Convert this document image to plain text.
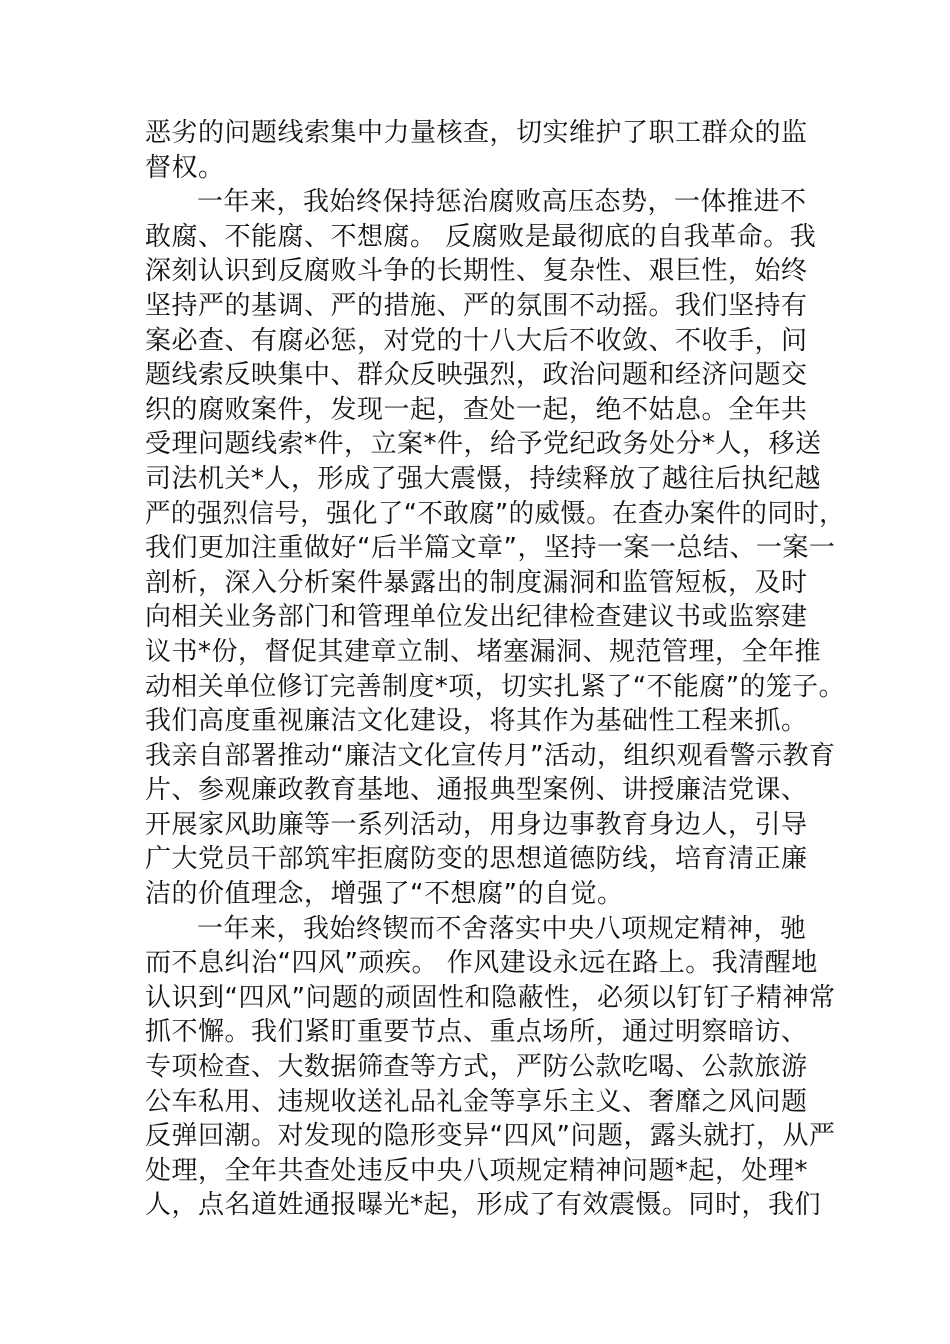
恶劣的问题线索集中力量核查，切实维护了职工群众的监
督权。
一年来，我始终保持惩治腐败高压态势，一体推进不
敢腐、不能腐、不想腐。 反腐败是最彻底的自我革命。我
深刻认识到反腐败斗争的长期性、复杂性、艰巨性，始终
坚持严的基调、严的措施、严的氛围不动摇。我们坚持有
案必查、有腐必惩，对党的十八大后不收敛、不收手，问
题线索反映集中、群众反映强烈，政治问题和经济问题交
织的腐败案件，发现一起，查处一起，绝不姑息。全年共
受理问题线索*件，立案*件，给予党纪政务处分*人，移送
司法机关*人，形成了强大震慑，持续释放了越往后执纪越
严的强烈信号，强化了“不敢腐”的威慑。在查办案件的同时，
我们更加注重做好“后半篇文章”，坚持一案一总结、一案一
剖析，深入分析案件暴露出的制度漏洞和监管短板，及时
向相关业务部门和管理单位发出纪律检查建议书或监察建
议书*份，督促其建章立制、堵塞漏洞、规范管理，全年推
动相关单位修订完善制度*项，切实扎紧了“不能腐”的笼子。
我们高度重视廉洁文化建设，将其作为基础性工程来抓。
我亲自部署推动“廉洁文化宣传月”活动，组织观看警示教育
片、参观廉政教育基地、通报典型案例、讲授廉洁党课、
开展家风助廉等一系列活动，用身边事教育身边人，引导
广大党员干部筑牢拒腐防变的思想道德防线，培育清正廉
洁的价值理念，增强了“不想腐”的自觉。
一年来，我始终锲而不舍落实中央八项规定精神，驰
而不息纠治“四风”顽疾。 作风建设永远在路上。我清醒地
认识到“四风”问题的顽固性和隐蔽性，必须以钉钉子精神常
抓不懈。我们紧盯重要节点、重点场所，通过明察暗访、
专项检查、大数据筛查等方式，严防公款吃喝、公款旅游
公车私用、违规收送礼品礼金等享乐主义、奢靡之风问题
反弹回潮。对发现的隐形变异“四风”问题，露头就打，从严
处理，全年共查处违反中央八项规定精神问题*起，处理*
人，点名道姓通报曝光*起，形成了有效震慑。同时，我们
